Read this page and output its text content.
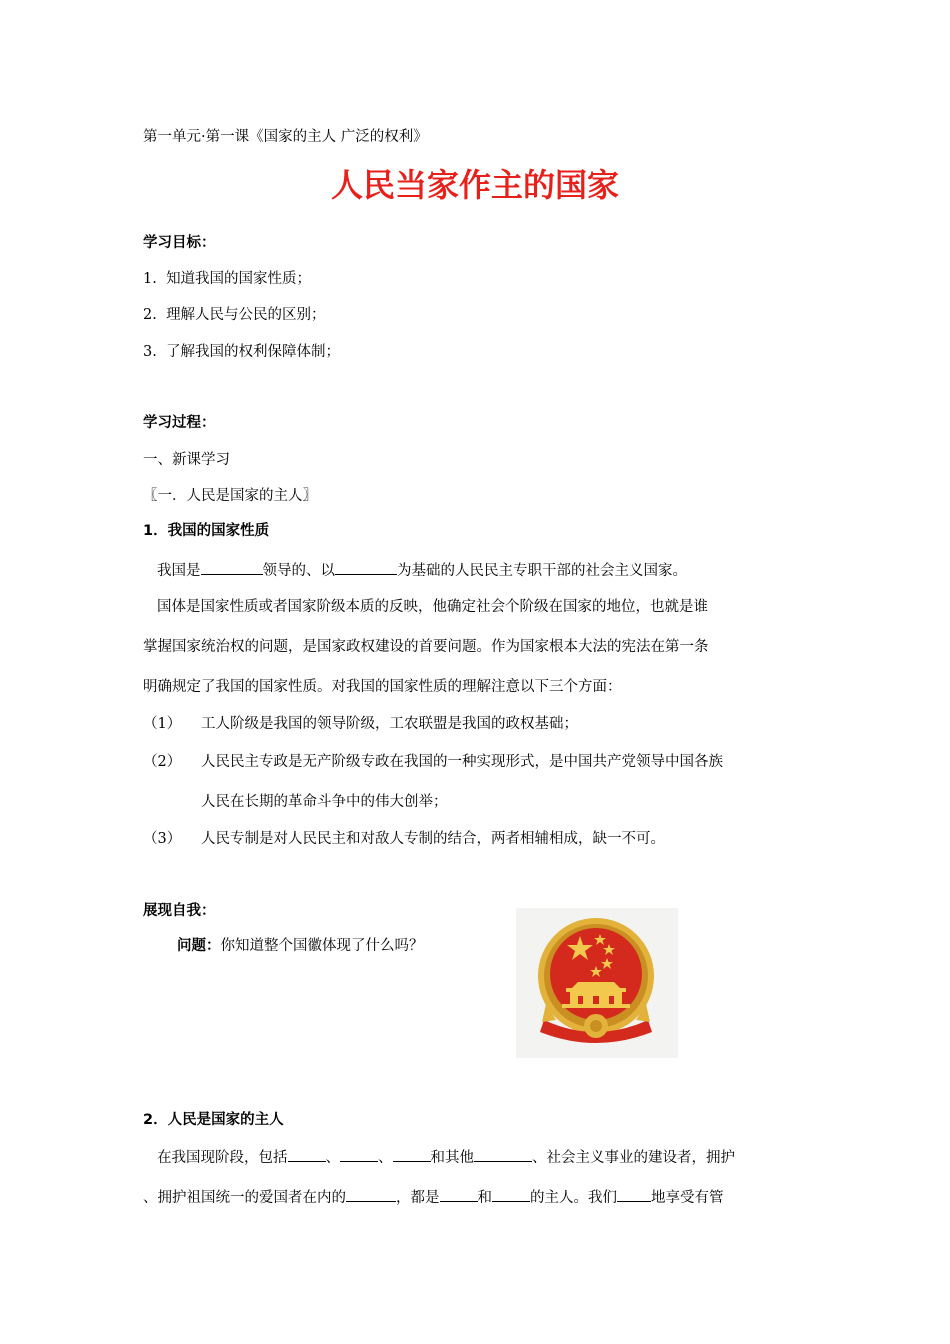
第一单元·第一课《国家的主人 广泛的权利》
人民当家作主的国家
学习目标：
1. 知道我国的国家性质；
2. 理解人民与公民的区别；
3. 了解我国的权利保障体制；
学习过程：
一、新课学习
〖一．人民是国家的主人〗
1．我国的国家性质
我国是	领导的、以	为基础的人民民主专职干部的社会主义国家。
国体是国家性质或者国家阶级本质的反映，他确定社会个阶级在国家的地位，也就是谁
掌握国家统治权的问题，是国家政权建设的首要问题。作为国家根本大法的宪法在第一条
明确规定了我国的国家性质。对我国的国家性质的理解注意以下三个方面：
（1） 工人阶级是我国的领导阶级，工农联盟是我国的政权基础；
（2） 人民民主专政是无产阶级专政在我国的一种实现形式，是中国共产党领导中国各族
人民在长期的革命斗争中的伟大创举；
（3） 人民专制是对人民民主和对敌人专制的结合，两者相辅相成，缺一不可。
展现自我：
问题：你知道整个国徽体现了什么吗？
2．人民是国家的主人
在我国现阶段，包括	、	、	和其他	、社会主义事业的建设者，拥护
、拥护祖国统一的爱国者在内的	，都是	和	的主人。我们 地享受有管
